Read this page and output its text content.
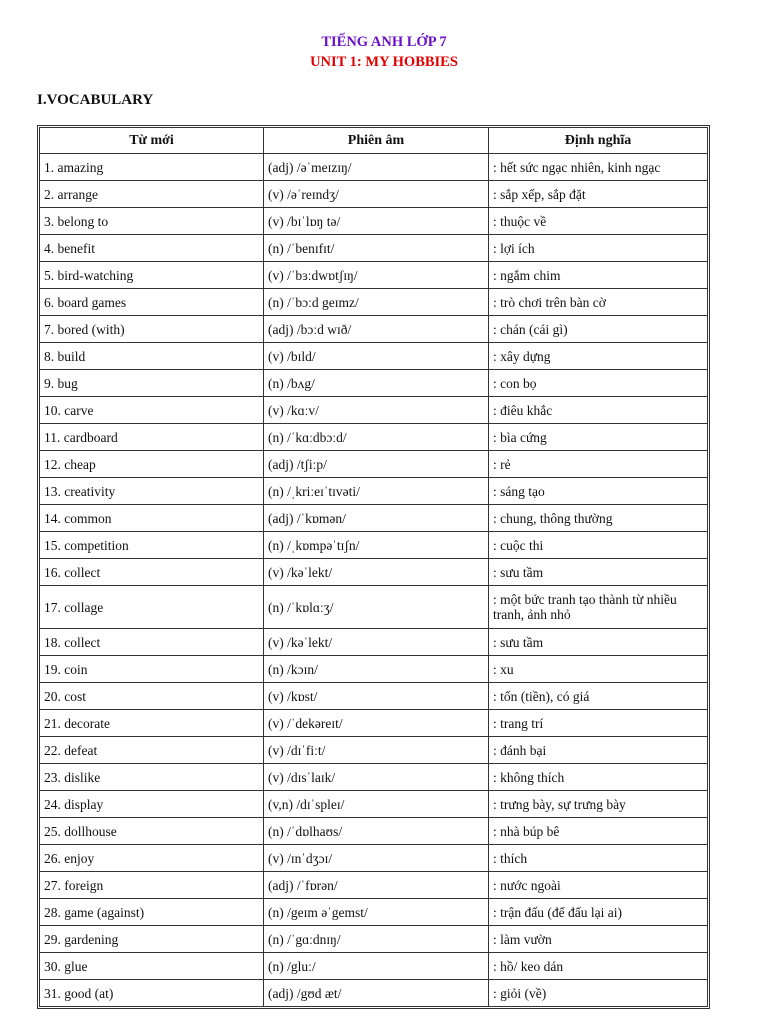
TIẾNG ANH LỚP 7
UNIT 1: MY HOBBIES
I.VOCABULARY
Từ mới	Phiên âm	Định nghĩa
1. amazing	(adj) /əˈmeɪzɪŋ/	: hết sức ngạc nhiên, kinh ngạc
2. arrange	(v) /əˈreɪndʒ/	: sắp xếp, sắp đặt
3. belong to	(v) /bɪˈlɒŋ tə/	: thuộc về
4. benefit	(n) /ˈbenɪfɪt/	: lợi ích
5. bird-watching	(v) /ˈbɜːdwɒtʃɪŋ/	: ngắm chim
6. board games	(n) /ˈbɔːd geɪmz/	: trò chơi trên bàn cờ
7. bored (with)	(adj) /bɔːd wɪð/	: chán (cái gì)
8. build	(v) /bɪld/	: xây dựng
9. bug	(n) /bʌg/	: con bọ
10. carve	(v) /kɑːv/	: điêu khắc
11. cardboard	(n) /ˈkɑːdbɔːd/	: bìa cứng
12. cheap	(adj) /tʃiːp/	: rẻ
13. creativity	(n) /ˌkriːeɪˈtɪvəti/	: sáng tạo
14. common	(adj) /ˈkɒmən/	: chung, thông thường
15. competition	(n) /ˌkɒmpəˈtɪʃn/	: cuộc thi
16. collect	(v) /kəˈlekt/	: sưu tầm
17. collage	(n) /ˈkɒlɑːʒ/	: một bức tranh tạo thành từ nhiều tranh, ảnh nhỏ
18. collect	(v) /kəˈlekt/	: sưu tầm
19. coin	(n) /kɔɪn/	: xu
20. cost	(v) /kɒst/	: tốn (tiền), có giá
21. decorate	(v) /ˈdekəreɪt/	: trang trí
22. defeat	(v) /dɪˈfiːt/	: đánh bại
23. dislike	(v) /dɪsˈlaɪk/	: không thích
24. display	(v,n) /dɪˈspleɪ/	: trưng bày, sự trưng bày
25. dollhouse	(n) /ˈdɒlhaʊs/	: nhà búp bê
26. enjoy	(v) /ɪnˈdʒɔɪ/	: thích
27. foreign	(adj) /ˈfɒrən/	: nước ngoài
28. game (against)	(n) /geɪm əˈgemst/	: trận đấu (để đấu lại ai)
29. gardening	(n) /ˈgɑːdnɪŋ/	: làm vườn
30. glue	(n) /gluː/	: hồ/ keo dán
31. good (at)	(adj) /gʊd æt/	: giỏi (về)
